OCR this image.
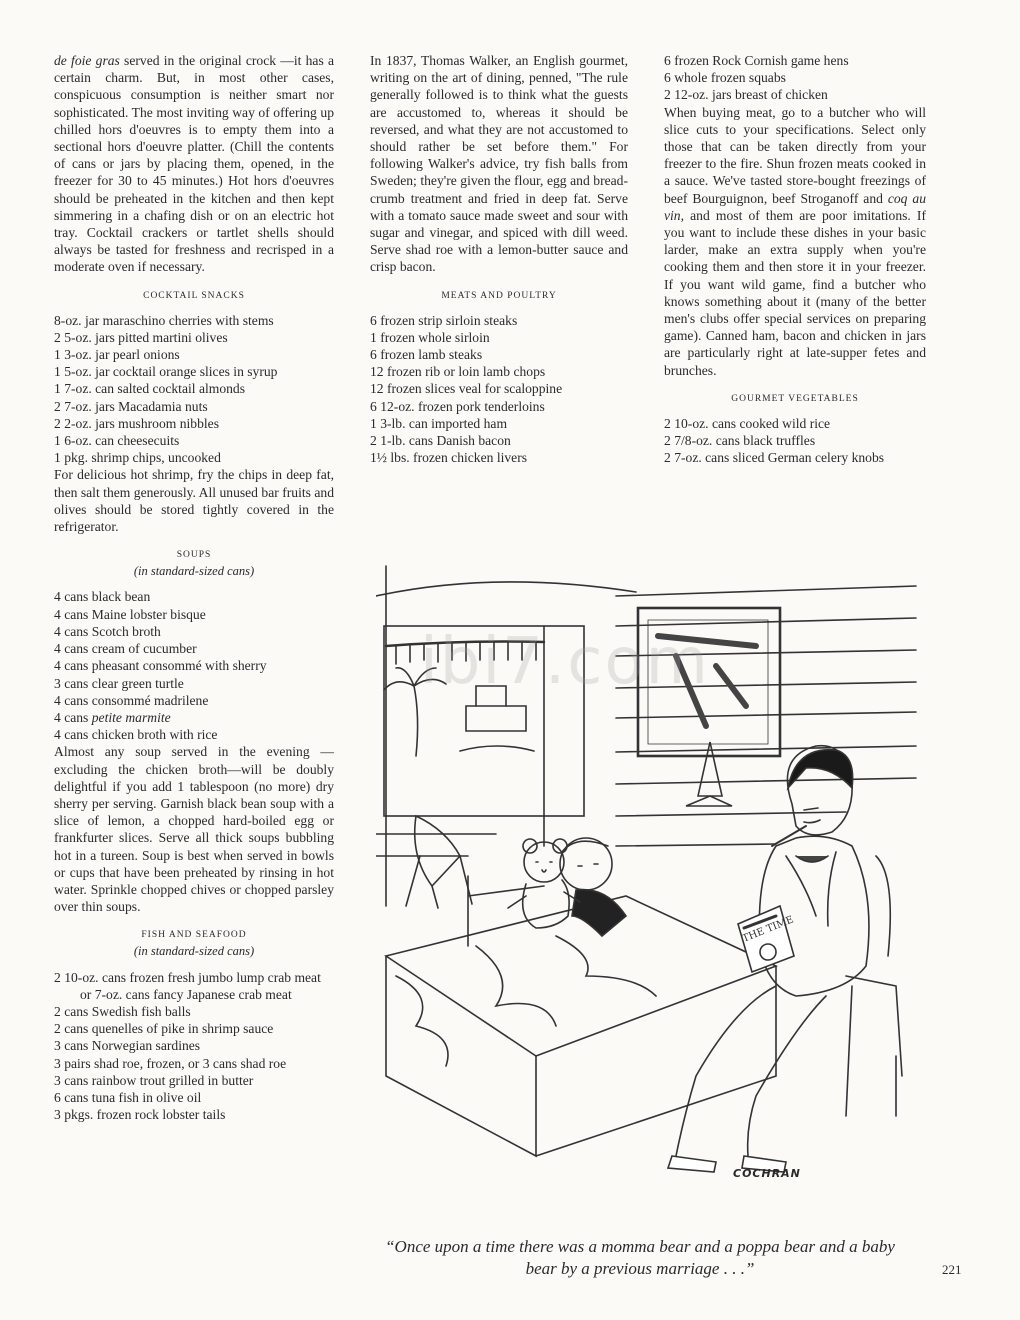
de foie gras served in the original crock —it has a certain charm. But, in most other cases, conspicuous consumption is neither smart nor sophisticated. The most inviting way of offering up chilled hors d'oeuvres is to empty them into a sectional hors d'oeuvre platter. (Chill the contents of cans or jars by placing them, opened, in the freezer for 30 to 45 minutes.) Hot hors d'oeuvres should be preheated in the kitchen and then kept simmering in a chafing dish or on an electric hot tray. Cocktail crackers or tartlet shells should always be tasted for freshness and recrisped in a moderate oven if necessary.

COCKTAIL SNACKS
8-oz. jar maraschino cherries with stems
2 5-oz. jars pitted martini olives
1 3-oz. jar pearl onions
1 5-oz. jar cocktail orange slices in syrup
1 7-oz. can salted cocktail almonds
2 7-oz. jars Macadamia nuts
2 2-oz. jars mushroom nibbles
1 6-oz. can cheesecuits
1 pkg. shrimp chips, uncooked

For delicious hot shrimp, fry the chips in deep fat, then salt them generously. All unused bar fruits and olives should be stored tightly covered in the refrigerator.

SOUPS
(in standard-sized cans)
4 cans black bean
4 cans Maine lobster bisque
4 cans Scotch broth
4 cans cream of cucumber
4 cans pheasant consommé with sherry
3 cans clear green turtle
4 cans consommé madrilene
4 cans petite marmite
4 cans chicken broth with rice

Almost any soup served in the evening —excluding the chicken broth—will be doubly delightful if you add 1 tablespoon (no more) dry sherry per serving. Garnish black bean soup with a slice of lemon, a chopped hard-boiled egg or frankfurter slices. Serve all thick soups bubbling hot in a tureen. Soup is best when served in bowls or cups that have been preheated by rinsing in hot water. Sprinkle chopped chives or chopped parsley over thin soups.

FISH AND SEAFOOD
(in standard-sized cans)
2 10-oz. cans frozen fresh jumbo lump crab meat or 7-oz. cans fancy Japanese crab meat
2 cans Swedish fish balls
2 cans quenelles of pike in shrimp sauce
3 cans Norwegian sardines
3 pairs shad roe, frozen, or 3 cans shad roe
3 cans rainbow trout grilled in butter
6 cans tuna fish in olive oil
3 pkgs. frozen rock lobster tails

In 1837, Thomas Walker, an English gourmet, writing on the art of dining, penned, "The rule generally followed is to think what the guests are accustomed to, whereas it should be reversed, and what they are not accustomed to should rather be set before them." For following Walker's advice, try fish balls from Sweden; they're given the flour, egg and bread-crumb treatment and fried in deep fat. Serve with a tomato sauce made sweet and sour with sugar and vinegar, and spiced with dill weed. Serve shad roe with a lemon-butter sauce and crisp bacon.

MEATS AND POULTRY
6 frozen strip sirloin steaks
1 frozen whole sirloin
6 frozen lamb steaks
12 frozen rib or loin lamb chops
12 frozen slices veal for scaloppine
6 12-oz. frozen pork tenderloins
1 3-lb. can imported ham
2 1-lb. cans Danish bacon
1½ lbs. frozen chicken livers
6 frozen Rock Cornish game hens
6 whole frozen squabs
2 12-oz. jars breast of chicken

When buying meat, go to a butcher who will slice cuts to your specifications. Select only those that can be taken directly from your freezer to the fire. Shun frozen meats cooked in a sauce. We've tasted store-bought freezings of beef Bourguignon, beef Stroganoff and coq au vin, and most of them are poor imitations. If you want to include these dishes in your basic larder, make an extra supply when you're cooking them and then store it in your freezer. If you want wild game, find a butcher who knows something about it (many of the better men's clubs offer special services on preparing game). Canned ham, bacon and chicken in jars are particularly right at late-supper fetes and brunches.

GOURMET VEGETABLES
2 10-oz. cans cooked wild rice
2 7/8-oz. cans black truffles
2 7-oz. cans sliced German celery knobs
THE TIME
ibi7.com
COCHRAN
“Once upon a time there was a momma bear and a poppa bear and a baby bear by a previous marriage . . .”	221
